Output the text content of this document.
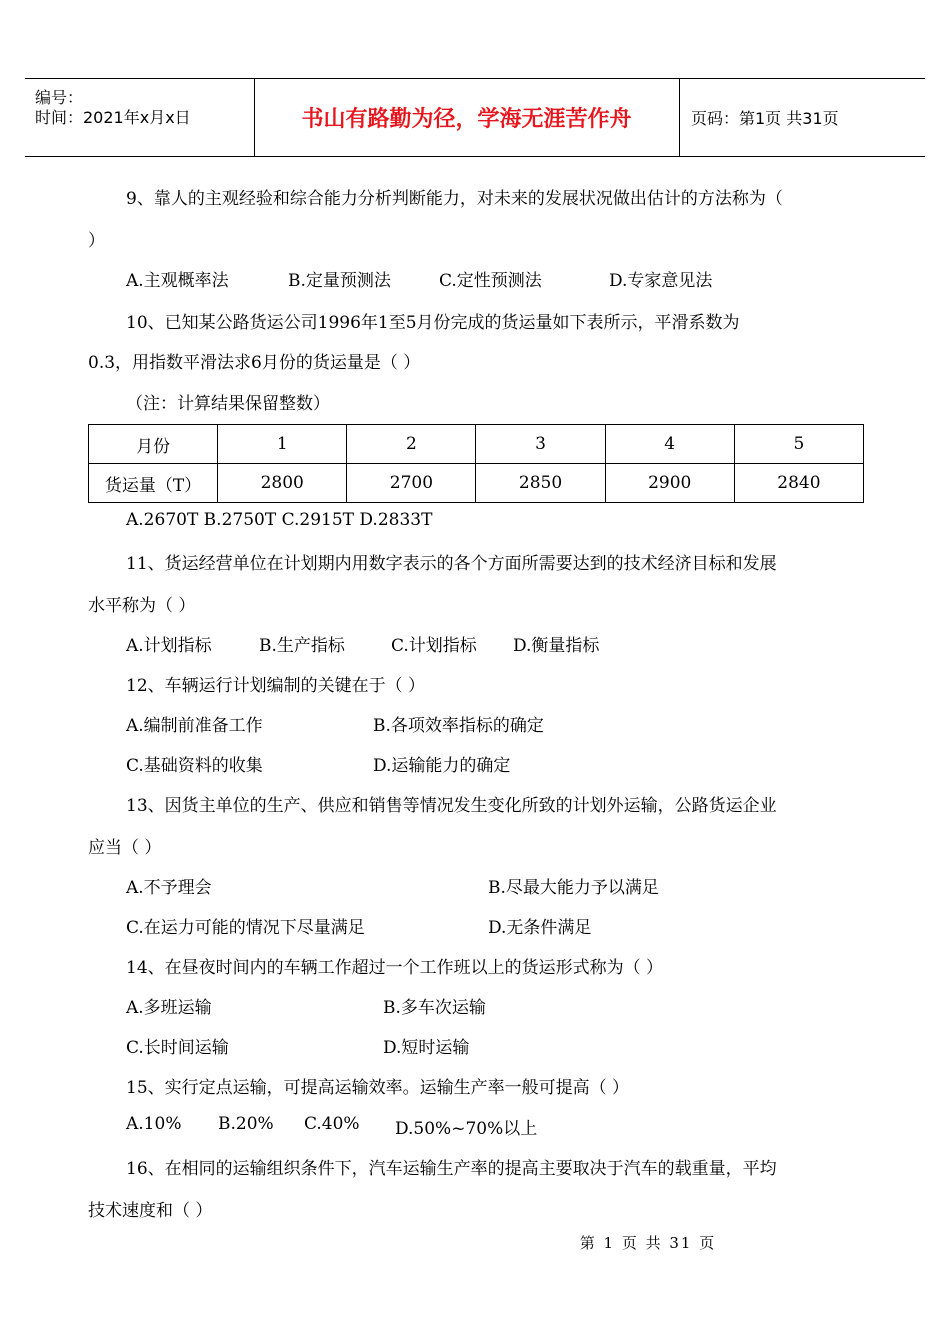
编号：
时间：2021年x月x日	书山有路勤为径，学海无涯苦作舟	页码：第1页 共31页
9、靠人的主观经验和综合能力分析判断能力，对未来的发展状况做出估计的方法称为（
）
A.主观概率法	B.定量预测法	C.定性预测法	D.专家意见法
10、已知某公路货运公司1996年1至5月份完成的货运量如下表所示，平滑系数为
0.3，用指数平滑法求6月份的货运量是（ ）
（注：计算结果保留整数）
月份	1	2	3	4	5
货运量（T）	2800	2700	2850	2900	2840
A.2670T B.2750T C.2915T D.2833T
11、货运经营单位在计划期内用数字表示的各个方面所需要达到的技术经济目标和发展
水平称为（ ）
A.计划指标	B.生产指标	C.计划指标 D.衡量指标
12、车辆运行计划编制的关键在于（ ）
A.编制前准备工作	B.各项效率指标的确定
C.基础资料的收集	D.运输能力的确定
13、因货主单位的生产、供应和销售等情况发生变化所致的计划外运输，公路货运企业
应当（ ）
A.不予理会	B.尽最大能力予以满足
C.在运力可能的情况下尽量满足	D.无条件满足
14、在昼夜时间内的车辆工作超过一个工作班以上的货运形式称为（ ）
A.多班运输	B.多车次运输
C.长时间运输	D.短时运输
15、实行定点运输，可提高运输效率。运输生产率一般可提高（ ）
A.10% B.20% C.40% D.50%~70%以上
16、在相同的运输组织条件下，汽车运输生产率的提高主要取决于汽车的载重量，平均
技术速度和（ ）
第 1 页 共 31 页
